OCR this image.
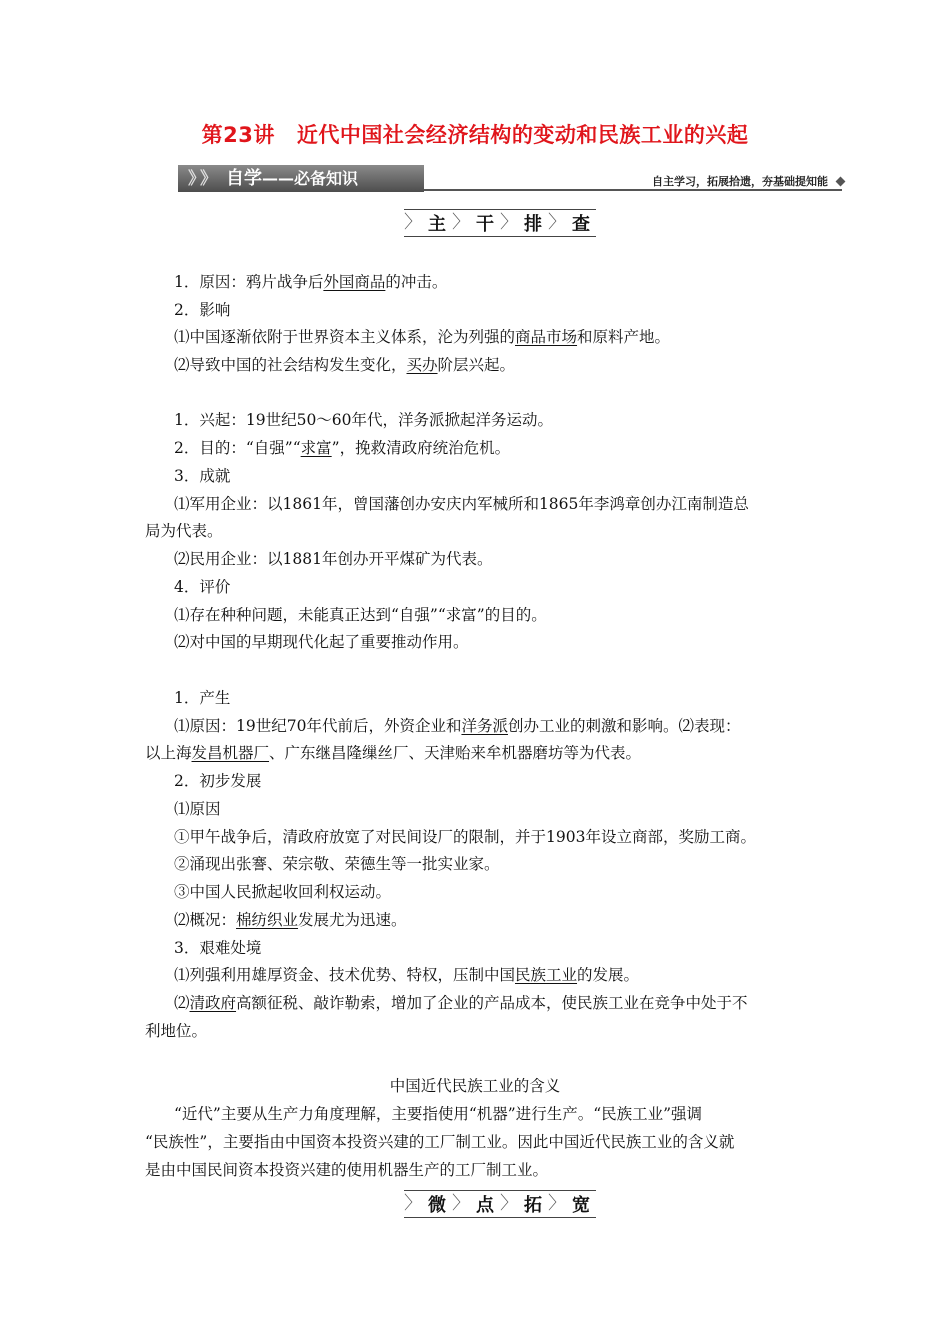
第23讲 近代中国社会经济结构的变动和民族工业的兴起
》
》 自学——必备知识	自主学习，拓展拾遗，夯基础提知能
〉 主 〉 干 〉 排 〉 查
1．原因：鸦片战争后外国商品的冲击。
2．影响
⑴中国逐渐依附于世界资本主义体系，沦为列强的商品市场和原料产地。
⑵导致中国的社会结构发生变化，买办阶层兴起。
1．兴起：19世纪50～60年代，洋务派掀起洋务运动。
2．目的：“自强”“求富”，挽救清政府统治危机。
3．成就
⑴军用企业：以1861年，曾国藩创办安庆内军械所和1865年李鸿章创办江南制造总
局为代表。
⑵民用企业：以1881年创办开平煤矿为代表。
4．评价
⑴存在种种问题，未能真正达到“自强”“求富”的目的。
⑵对中国的早期现代化起了重要推动作用。
1．产生
⑴原因：19世纪70年代前后，外资企业和洋务派创办工业的刺激和影响。⑵表现：
以上海发昌机器厂、广东继昌隆缫丝厂、天津贻来牟机器磨坊等为代表。
2．初步发展
⑴原因
①甲午战争后，清政府放宽了对民间设厂的限制，并于1903年设立商部，奖励工商。
②涌现出张謇、荣宗敬、荣德生等一批实业家。
③中国人民掀起收回利权运动。
⑵概况：棉纺织业发展尤为迅速。
3．艰难处境
⑴列强利用雄厚资金、技术优势、特权，压制中国民族工业的发展。
⑵清政府高额征税、敲诈勒索，增加了企业的产品成本，使民族工业在竞争中处于不
利地位。
中国近代民族工业的含义
“近代”主要从生产力角度理解，主要指使用“机器”进行生产。“民族工业”强调
“民族性”，主要指由中国资本投资兴建的工厂制工业。因此中国近代民族工业的含义就
是由中国民间资本投资兴建的使用机器生产的工厂制工业。
〉 微 〉 点 〉 拓 〉 宽
